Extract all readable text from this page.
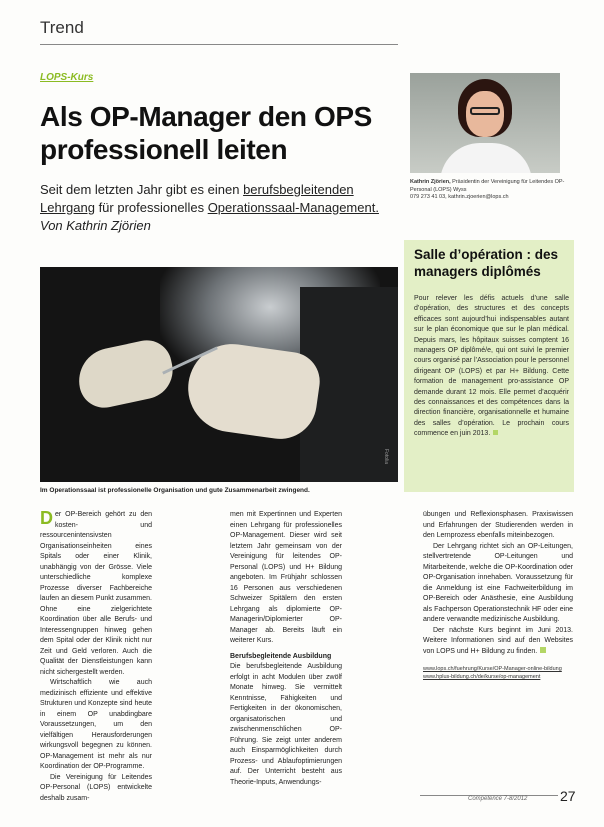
Trend
LOPS-Kurs
Als OP-Manager den OPS professionell leiten
Seit dem letzten Jahr gibt es einen berufsbegleitenden Lehrgang für professionelles Operationssaal-Management.
Von Kathrin Zjörien
Kathrin Zjörien, Präsidentin der Vereinigung für Leitendes OP-Personal (LOPS) Wyss
079 273 41 03, kathrin.zjoerien@lops.ch
Salle d’opération : des managers diplômés
Pour relever les défis actuels d’une salle d’opération, des structures et des concepts efficaces sont aujourd’hui indispensables autant sur le plan économique que sur le plan médical. Depuis mars, les hôpitaux suisses comptent 16 managers OP diplômé/e, qui ont suivi le premier cours organisé par l’Association pour le personnel dirigeant OP (LOPS) et par H+ Bildung. Cette formation de management pro-assistance OP demande durant 12 mois. Elle permet d’acquérir des connaissances et des compétences dans la direction financière, organisationnelle et humaine des salles d’opération. Le prochain cours commence en juin 2013.
Fotolia
Im Operationssaal ist professionelle Organisation und gute Zusammenarbeit zwingend.

Der OP-Bereich gehört zu den kosten- und ressourcenintensivsten Organisationseinheiten eines Spitals oder einer Klinik, unabhängig von der Grösse. Viele unterschiedliche komplexe Prozesse diverser Fachbereiche laufen an diesem Punkt zusammen. Ohne eine zielgerichtete Koordination über alle Berufs- und Interessengruppen hinweg gehen dem Spital oder der Klinik nicht nur Zeit und Geld verloren. Auch die Qualität der Dienstleistungen kann nicht sichergestellt werden.

Wirtschaftlich wie auch medizinisch effiziente und effektive Strukturen und Konzepte sind heute in einem OP unabdingbare Voraussetzungen, um den vielfältigen Herausforderungen wirkungsvoll begegnen zu können. OP-Management ist mehr als nur Koordination der OP-Programme.

Die Vereinigung für Leitendes OP-Personal (LOPS) entwickelte deshalb zusam-

men mit Expertinnen und Experten einen Lehrgang für professionelles OP-Management. Dieser wird seit letztem Jahr gemeinsam von der Vereinigung für leitendes OP-Personal (LOPS) und H+ Bildung angeboten. Im Frühjahr schlossen 16 Personen aus verschiedenen Schweizer Spitälern den ersten Lehrgang als diplomierte OP-Managerin/Diplomierter OP-Manager ab. Bereits läuft ein weiterer Kurs.

Berufsbegleitende Ausbildung

Die berufsbegleitende Ausbildung erfolgt in acht Modulen über zwölf Monate hinweg. Sie vermittelt Kenntnisse, Fähigkeiten und Fertigkeiten in der ökonomischen, organisatorischen und zwischenmenschlichen OP-Führung. Sie zeigt unter anderem auch Einsparmöglichkeiten durch Prozess- und Ablaufoptimierungen auf. Der Unterricht besteht aus Theorie-Inputs, Anwendungs-

übungen und Reflexionsphasen. Praxiswissen und Erfahrungen der Studierenden werden in den Lernprozess ebenfalls miteinbezogen.

Der Lehrgang richtet sich an OP-Leitungen, stellvertretende OP-Leitungen und Mitarbeitende, welche die OP-Koordination oder OP-Organisation innehaben. Voraussetzung für die Anmeldung ist eine Fachweiterbildung im OP-Bereich oder Anästhesie, eine Ausbildung als Fachperson Operationstechnik HF oder eine andere verwandte medizinische Ausbildung.

Der nächste Kurs beginnt im Juni 2013. Weitere Informationen sind auf den Websites von LOPS und H+ Bildung zu finden.

www.lops.ch/fuehrung/Kurse/OP-Manager-online-bildung
www.hplus-bildung.ch/de/kurse/op-management
Competence 7-8/2012 27
